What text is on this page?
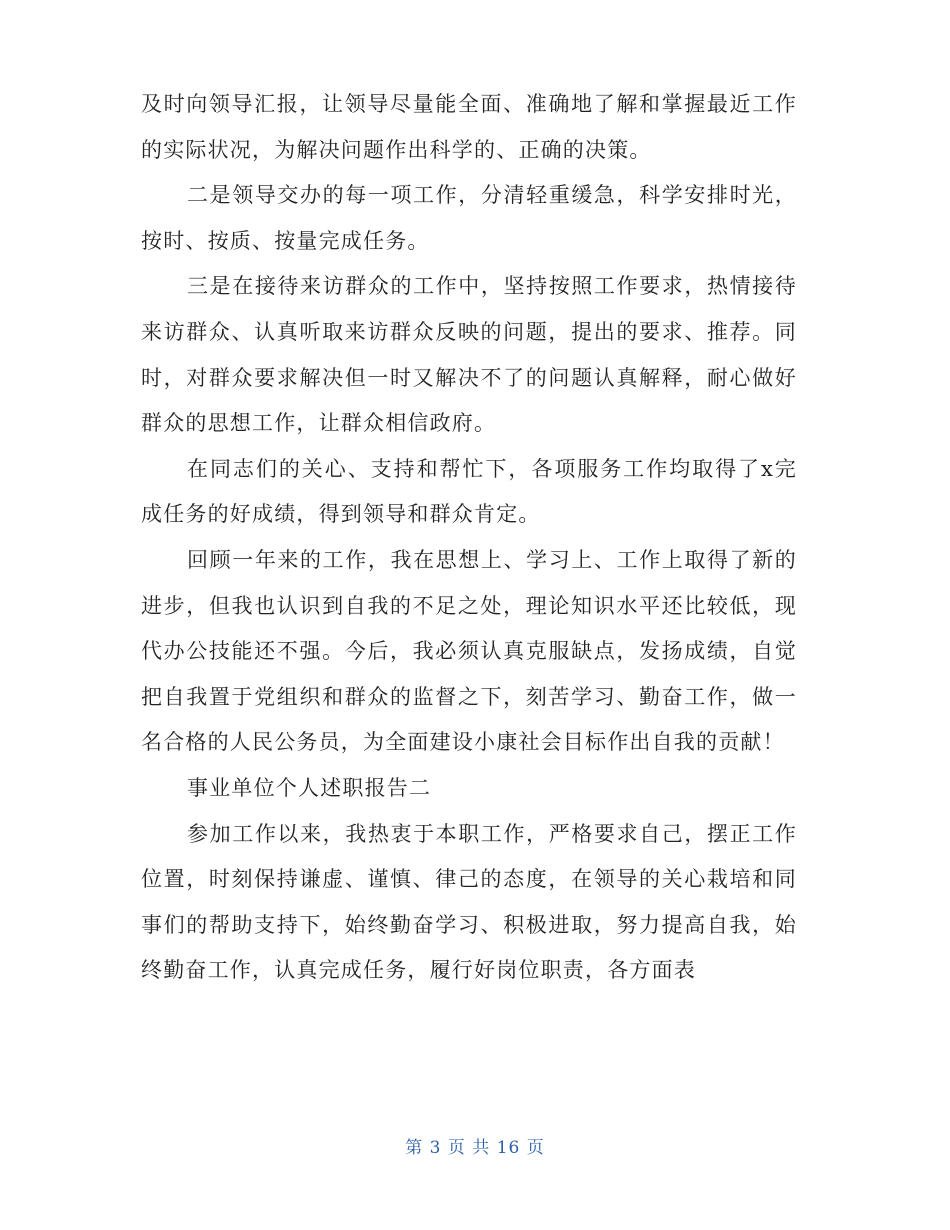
及时向领导汇报，让领导尽量能全面、准确地了解和掌握最近工作的实际状况，为解决问题作出科学的、正确的决策。

二是领导交办的每一项工作，分清轻重缓急，科学安排时光，按时、按质、按量完成任务。

三是在接待来访群众的工作中，坚持按照工作要求，热情接待来访群众、认真听取来访群众反映的问题，提出的要求、推荐。同时，对群众要求解决但一时又解决不了的问题认真解释，耐心做好群众的思想工作，让群众相信政府。

在同志们的关心、支持和帮忙下，各项服务工作均取得了x完成任务的好成绩，得到领导和群众肯定。

回顾一年来的工作，我在思想上、学习上、工作上取得了新的进步，但我也认识到自我的不足之处，理论知识水平还比较低，现代办公技能还不强。今后，我必须认真克服缺点，发扬成绩，自觉把自我置于党组织和群众的监督之下，刻苦学习、勤奋工作，做一名合格的人民公务员，为全面建设小康社会目标作出自我的贡献！

事业单位个人述职报告二

参加工作以来，我热衷于本职工作，严格要求自己，摆正工作位置，时刻保持谦虚、谨慎、律己的态度，在领导的关心栽培和同事们的帮助支持下，始终勤奋学习、积极进取，努力提高自我，始终勤奋工作，认真完成任务，履行好岗位职责，各方面表

第 3 页 共 16 页
